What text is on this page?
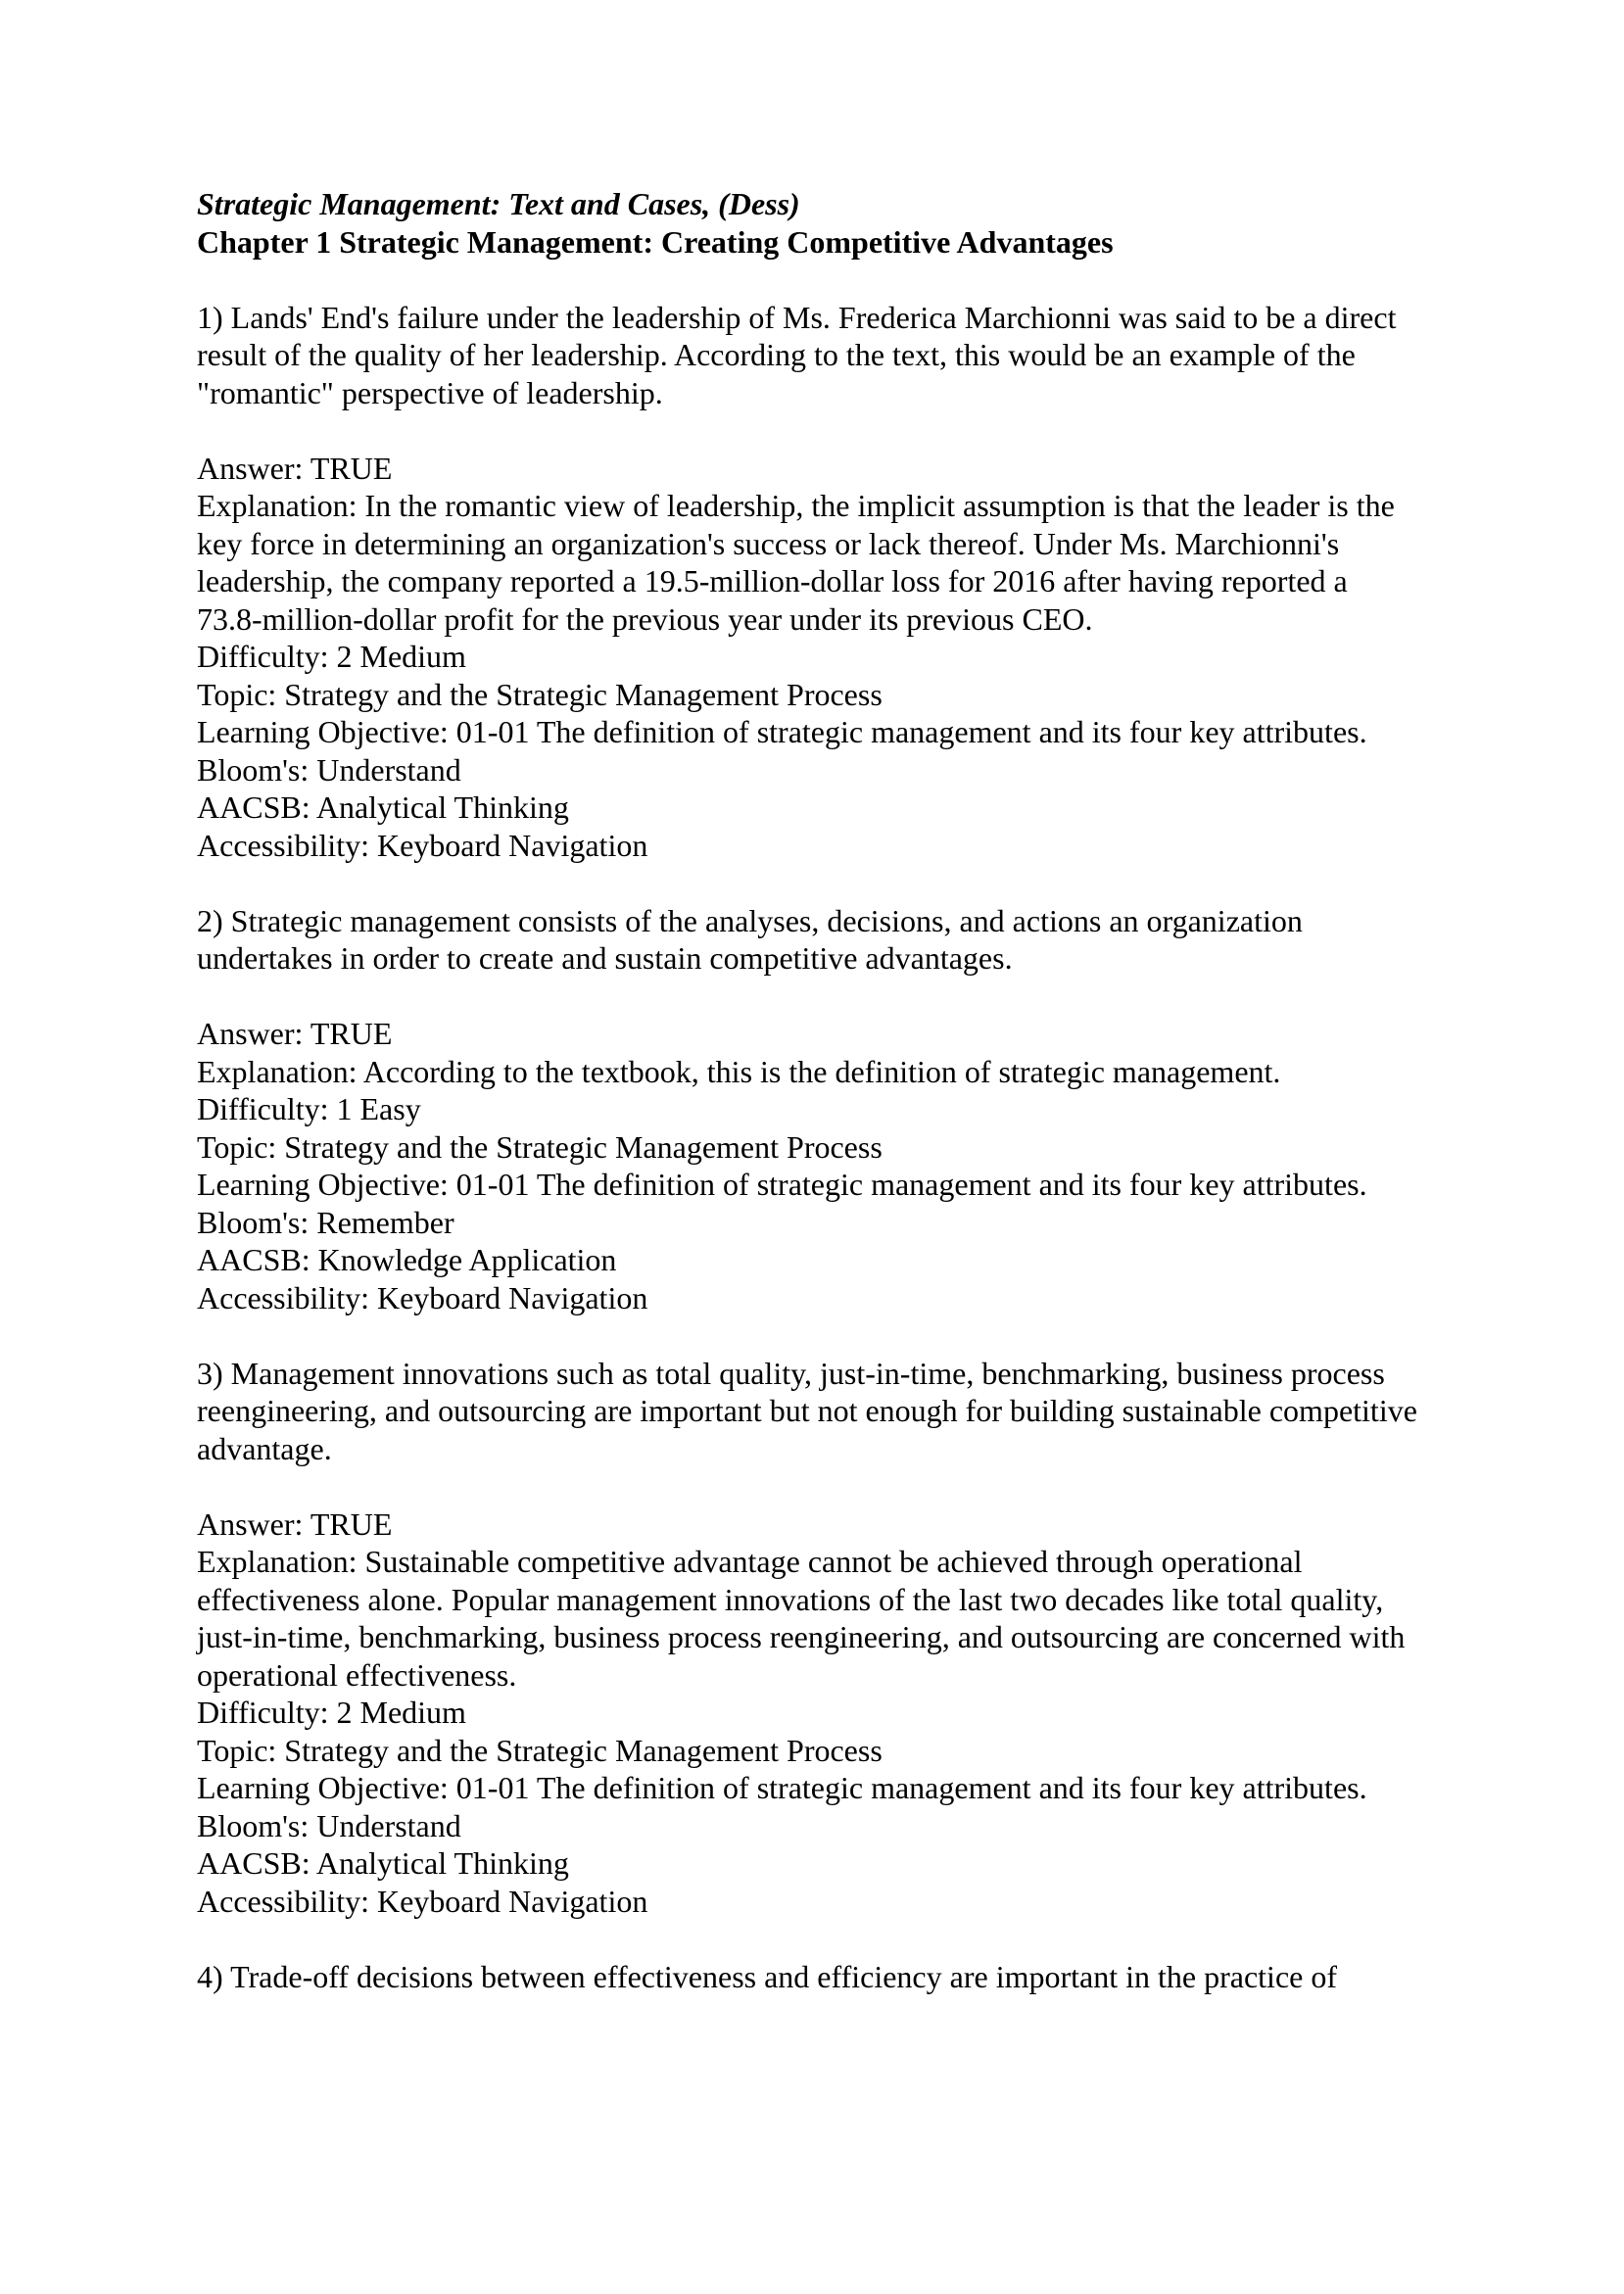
Strategic Management: Text and Cases, (Dess)
Chapter 1 Strategic Management: Creating Competitive Advantages
1) Lands' End's failure under the leadership of Ms. Frederica Marchionni was said to be a direct
result of the quality of her leadership. According to the text, this would be an example of the
"romantic" perspective of leadership.
Answer: TRUE
Explanation: In the romantic view of leadership, the implicit assumption is that the leader is the
key force in determining an organization's success or lack thereof. Under Ms. Marchionni's
leadership, the company reported a 19.5-million-dollar loss for 2016 after having reported a
73.8-million-dollar profit for the previous year under its previous CEO.
Difficulty: 2 Medium
Topic: Strategy and the Strategic Management Process
Learning Objective: 01-01 The definition of strategic management and its four key attributes.
Bloom's: Understand
AACSB: Analytical Thinking
Accessibility: Keyboard Navigation
2) Strategic management consists of the analyses, decisions, and actions an organization
undertakes in order to create and sustain competitive advantages.
Answer: TRUE
Explanation: According to the textbook, this is the definition of strategic management.
Difficulty: 1 Easy
Topic: Strategy and the Strategic Management Process
Learning Objective: 01-01 The definition of strategic management and its four key attributes.
Bloom's: Remember
AACSB: Knowledge Application
Accessibility: Keyboard Navigation
3) Management innovations such as total quality, just-in-time, benchmarking, business process
reengineering, and outsourcing are important but not enough for building sustainable competitive
advantage.
Answer: TRUE
Explanation: Sustainable competitive advantage cannot be achieved through operational
effectiveness alone. Popular management innovations of the last two decades like total quality,
just-in-time, benchmarking, business process reengineering, and outsourcing are concerned with
operational effectiveness.
Difficulty: 2 Medium
Topic: Strategy and the Strategic Management Process
Learning Objective: 01-01 The definition of strategic management and its four key attributes.
Bloom's: Understand
AACSB: Analytical Thinking
Accessibility: Keyboard Navigation
4) Trade-off decisions between effectiveness and efficiency are important in the practice of
